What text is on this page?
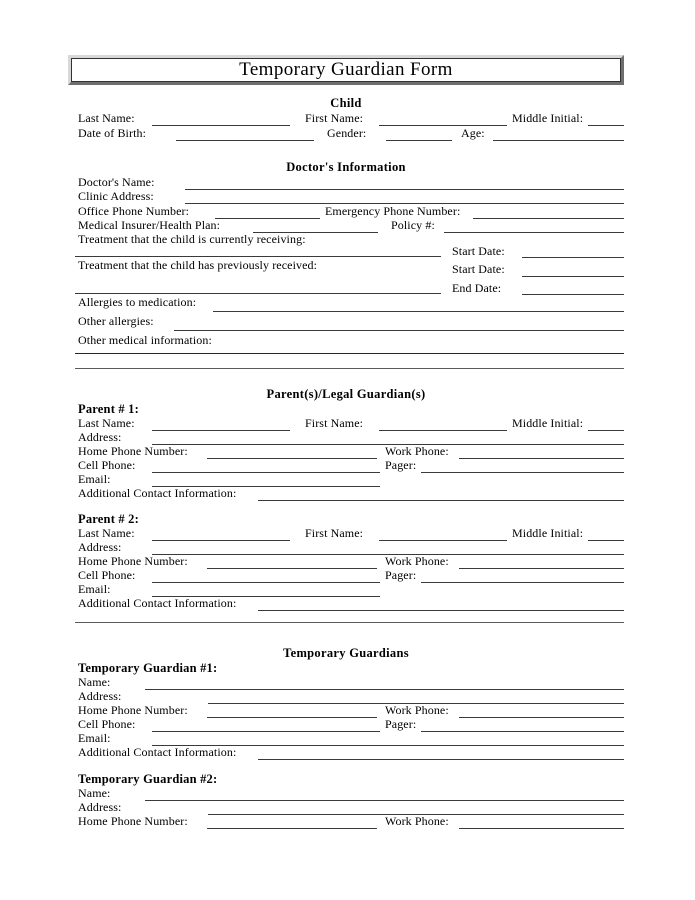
Temporary Guardian Form
Child
Last Name:	First Name:	Middle Initial:
Date of Birth:	Gender:	Age:
Doctor's Information
Doctor's Name:
Clinic Address:
Office Phone Number:	Emergency Phone Number:
Medical Insurer/Health Plan:	Policy #:
Treatment that the child is currently receiving:
Treatment that the child has previously received:
Start Date:
Start Date:
End Date:
Allergies to medication:
Other allergies:
Other medical information:
Parent(s)/Legal Guardian(s)
Parent # 1:
Last Name:	First Name:	Middle Initial:
Address:
Home Phone Number:	Work Phone:
Cell Phone:	Pager:
Email:
Additional Contact Information:
Parent # 2:
Last Name:	First Name:	Middle Initial:
Address:
Home Phone Number:	Work Phone:
Cell Phone:	Pager:
Email:
Additional Contact Information:
Temporary Guardians
Temporary Guardian #1:
Name:
Address:
Home Phone Number:	Work Phone:
Cell Phone:	Pager:
Email:
Additional Contact Information:
Temporary Guardian #2:
Name:
Address:
Home Phone Number:	Work Phone:
